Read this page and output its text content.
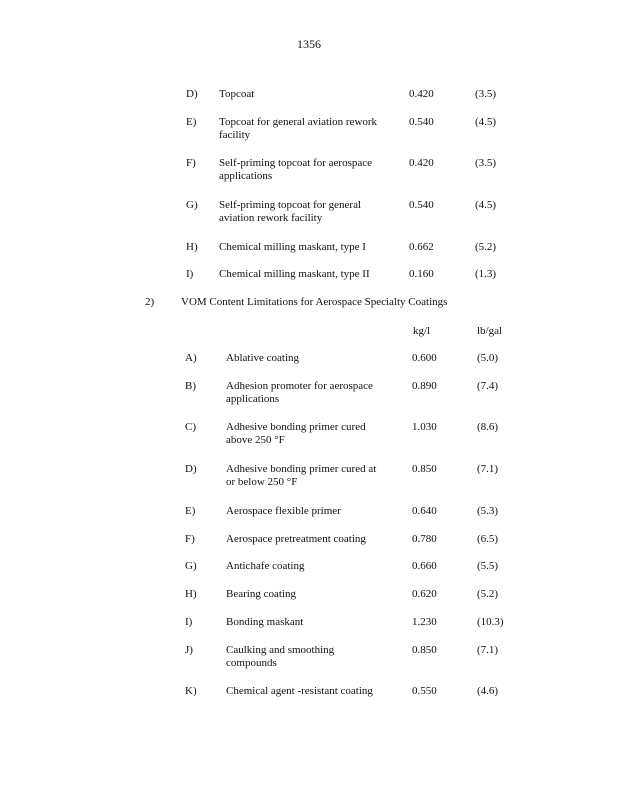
1356
D) Topcoat	0.420	(3.5)
E) Topcoat for general aviation rework
facility
0.540	(4.5)
F) Self-priming topcoat for aerospace
applications
0.420	(3.5)
G) Self-priming topcoat for general
aviation rework facility
0.540	(4.5)
H) Chemical milling maskant, type I	0.662	(5.2)
I) Chemical milling maskant, type II	0.160	(1.3)
2) VOM Content Limitations for Aerospace Specialty Coatings
kg/l	lb/gal
A)	Ablative coating	0.600	(5.0)
B)	Adhesion promoter for aerospace
applications
0.890	(7.4)
C)	Adhesive bonding primer cured
above 250 °F
1.030	(8.6)
D)	Adhesive bonding primer cured at
or below 250 °F
0.850	(7.1)
E)	Aerospace flexible primer	0.640	(5.3)
F)	Aerospace pretreatment coating	0.780	(6.5)
G)	Antichafe coating	0.660	(5.5)
H)	Bearing coating	0.620	(5.2)
I)	Bonding maskant	1.230	(10.3)
J)	Caulking and smoothing
compounds
0.850	(7.1)
K)	Chemical agent -resistant coating	0.550	(4.6)
